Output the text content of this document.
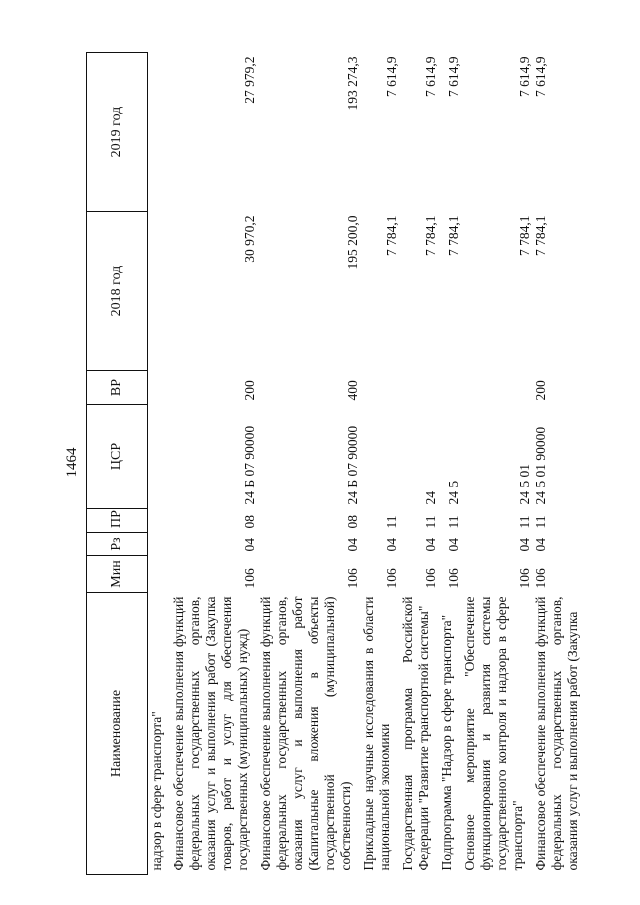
1464
Наименование	Мин	Рз	ПР	ЦСР	ВР	2018 год	2019 год
надзор в сфере транспорта"							
Финансовое обеспечение выполнения функций федеральных государственных органов, оказания услуг и выполнения работ (Закупка товаров, работ и услуг для обеспечения государственных (муниципальных) нужд)	106	04	08	24 Б 07 90000	200	30 970,2	27 979,2
Финансовое обеспечение выполнения функций федеральных государственных органов, оказания услуг и выполнения работ (Капитальные вложения в объекты государственной (муниципальной) собственности)	106	04	08	24 Б 07 90000	400	195 200,0	193 274,3
Прикладные научные исследования в области национальной экономики	106	04	11			7 784,1	7 614,9
Государственная программа Российской Федерации "Развитие транспортной системы"	106	04	11	24		7 784,1	7 614,9
Подпрограмма "Надзор в сфере транспорта"	106	04	11	24 5		7 784,1	7 614,9
Основное мероприятие "Обеспечение функционирования и развития системы государственного контроля и надзора в сфере транспорта"	106	04	11	24 5 01		7 784,1	7 614,9
Финансовое обеспечение выполнения функций федеральных государственных органов, оказания услуг и выполнения работ (Закупка	106	04	11	24 5 01 90000	200	7 784,1	7 614,9
